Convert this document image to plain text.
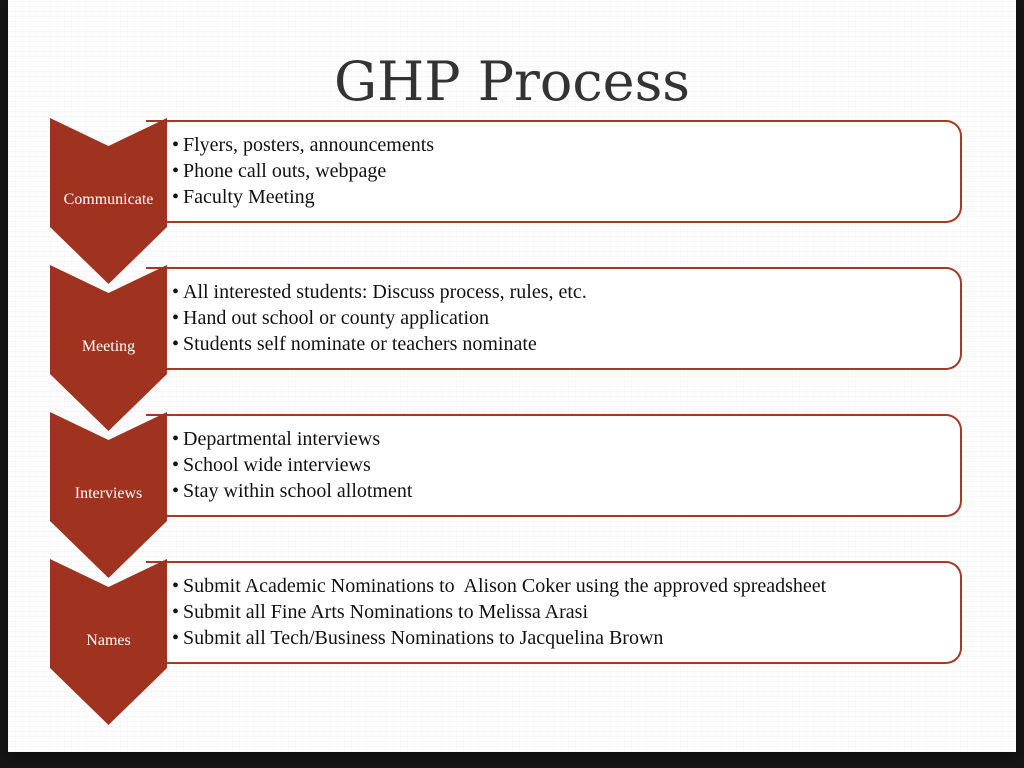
GHP Process
Communicate
• Flyers, posters, announcements
• Phone call outs, webpage
• Faculty Meeting
Meeting
• All interested students: Discuss process, rules, etc.
• Hand out school or county application
• Students self nominate or teachers nominate
Interviews
• Departmental interviews
• School wide interviews
• Stay within school allotment
Names
• Submit Academic Nominations to  Alison Coker using the approved spreadsheet
• Submit all Fine Arts Nominations to Melissa Arasi
• Submit all Tech/Business Nominations to Jacquelina Brown
